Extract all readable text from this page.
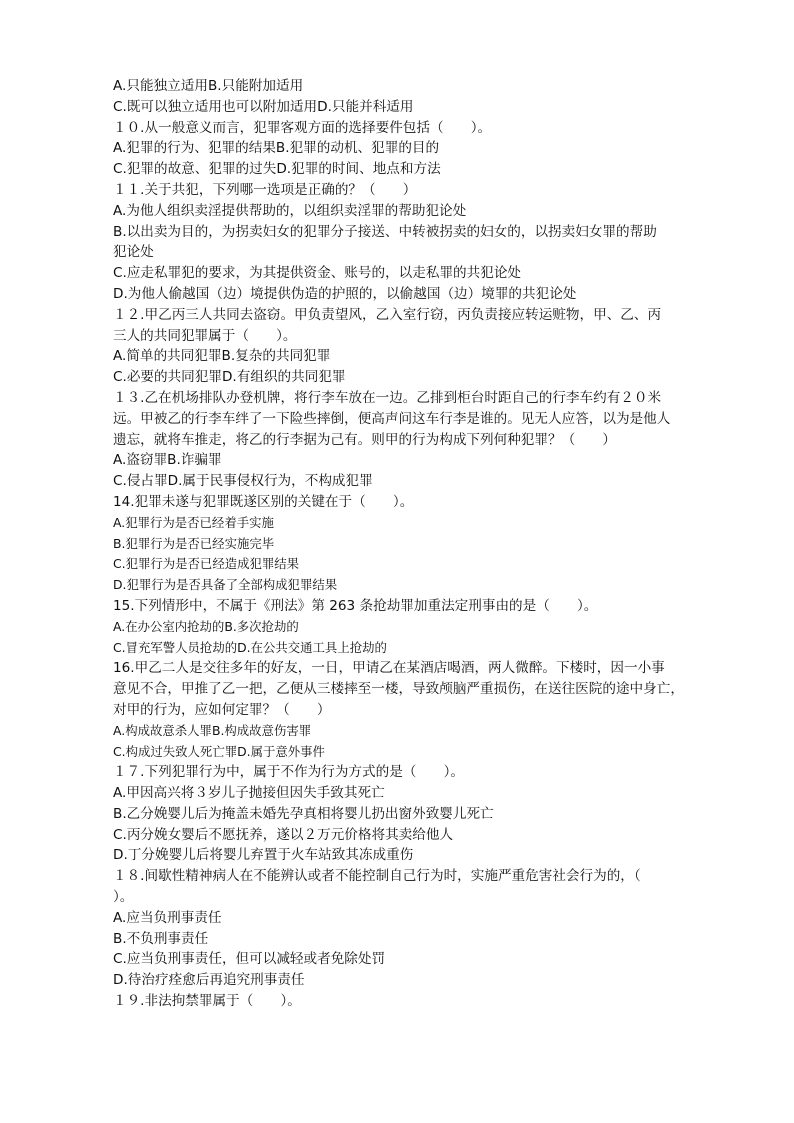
A.只能独立适用B.只能附加适用
C.既可以独立适用也可以附加适用D.只能并科适用
１０.从一般意义而言，犯罪客观方面的选择要件包括（　　）。
A.犯罪的行为、犯罪的结果B.犯罪的动机、犯罪的目的
C.犯罪的故意、犯罪的过失D.犯罪的时间、地点和方法
１１.关于共犯，下列哪一选项是正确的？（　　）
A.为他人组织卖淫提供帮助的，以组织卖淫罪的帮助犯论处
B.以出卖为目的，为拐卖妇女的犯罪分子接送、中转被拐卖的妇女的，以拐卖妇女罪的帮助
犯论处
C.应走私罪犯的要求，为其提供资金、账号的，以走私罪的共犯论处
D.为他人偷越国（边）境提供伪造的护照的，以偷越国（边）境罪的共犯论处
１２.甲乙丙三人共同去盗窃。甲负责望风，乙入室行窃，丙负责接应转运赃物，甲、乙、丙
三人的共同犯罪属于（　　）。
A.简单的共同犯罪B.复杂的共同犯罪
C.必要的共同犯罪D.有组织的共同犯罪
１３.乙在机场排队办登机牌，将行李车放在一边。乙排到柜台时距自己的行李车约有２０米
远。甲被乙的行李车绊了一下险些摔倒，便高声问这车行李是谁的。见无人应答，以为是他人
遗忘，就将车推走，将乙的行李据为己有。则甲的行为构成下列何种犯罪？（　　）
A.盗窃罪B.诈骗罪
C.侵占罪D.属于民事侵权行为，不构成犯罪
14.犯罪未遂与犯罪既遂区别的关键在于（　　）。
A.犯罪行为是否已经着手实施
B.犯罪行为是否已经实施完毕
C.犯罪行为是否已经造成犯罪结果
D.犯罪行为是否具备了全部构成犯罪结果
15.下列情形中，不属于《刑法》第 263 条抢劫罪加重法定刑事由的是（　　）。
A.在办公室内抢劫的B.多次抢劫的
C.冒充军警人员抢劫的D.在公共交通工具上抢劫的
16.甲乙二人是交往多年的好友，一日，甲请乙在某酒店喝酒，两人微醉。下楼时，因一小事
意见不合，甲推了乙一把，乙便从三楼摔至一楼，导致颅脑严重损伤，在送往医院的途中身亡，
对甲的行为，应如何定罪？（　　）
A.构成故意杀人罪B.构成故意伤害罪
C.构成过失致人死亡罪D.属于意外事件
１７.下列犯罪行为中，属于不作为行为方式的是（　　）。
A.甲因高兴将３岁儿子抛接但因失手致其死亡
B.乙分娩婴儿后为掩盖未婚先孕真相将婴儿扔出窗外致婴儿死亡
C.丙分娩女婴后不愿抚养，遂以２万元价格将其卖给他人
D.丁分娩婴儿后将婴儿弃置于火车站致其冻成重伤
１８.间歇性精神病人在不能辨认或者不能控制自己行为时，实施严重危害社会行为的，（
）。
A.应当负刑事责任
B.不负刑事责任
C.应当负刑事责任，但可以减轻或者免除处罚
D.待治疗痊愈后再追究刑事责任
１９.非法拘禁罪属于（　　）。
